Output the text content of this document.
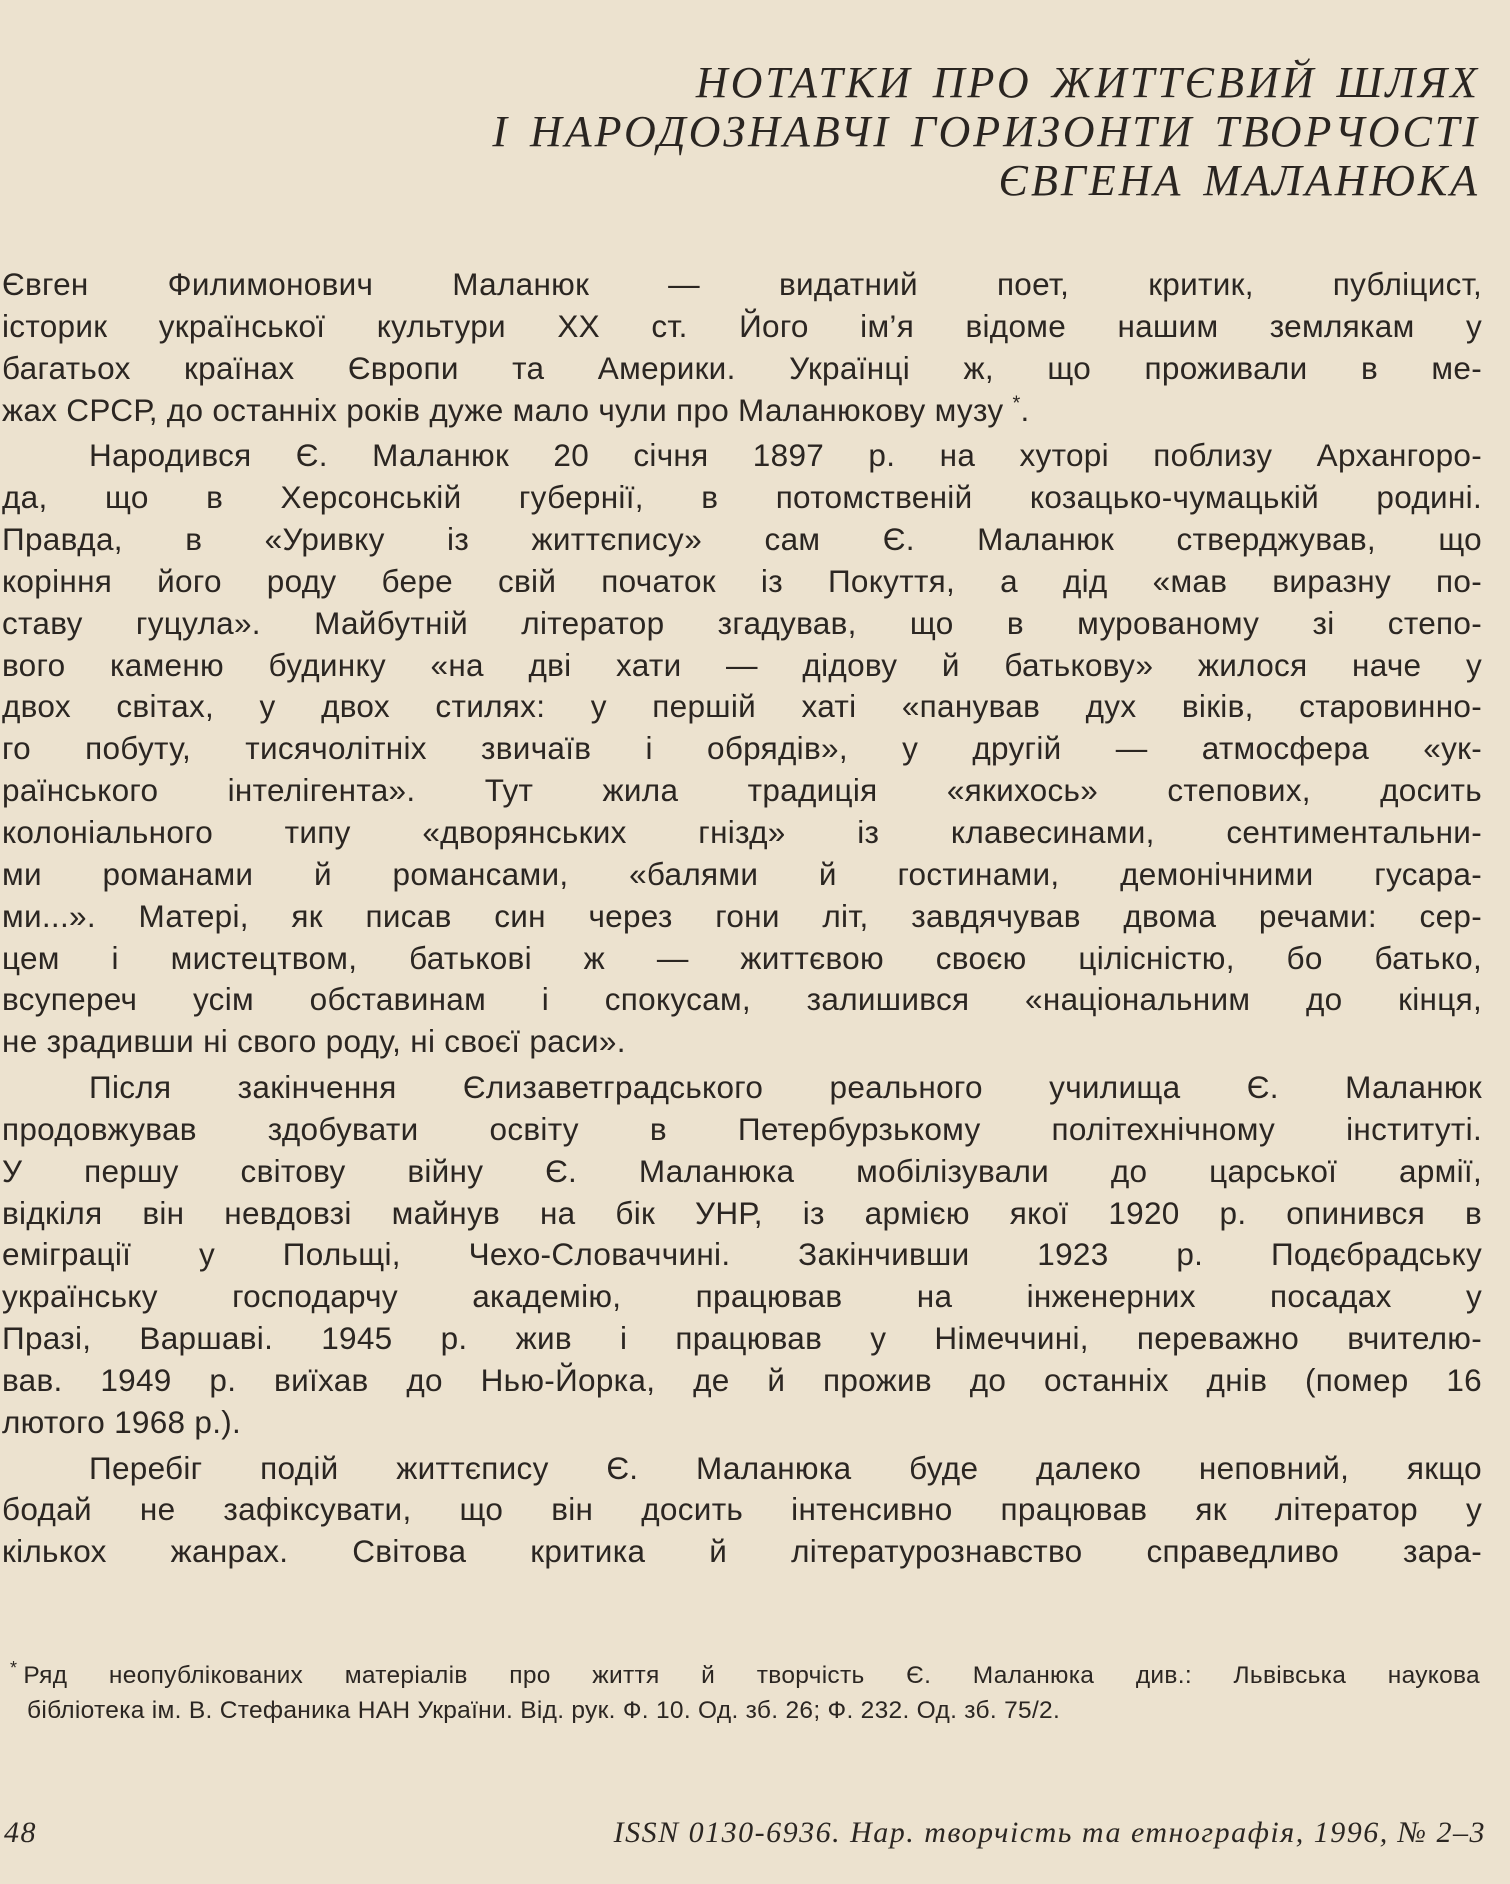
НОТАТКИ ПРО ЖИТТЄВИЙ ШЛЯХ
І НАРОДОЗНАВЧІ ГОРИЗОНТИ ТВОРЧОСТІ
ЄВГЕНА МАЛАНЮКА

Євген Филимонович Маланюк — видатний поет, критик, публіцист,
історик української культури XX ст. Його ім’я відоме нашим землякам у
багатьох країнах Європи та Америки. Українці ж, що проживали в ме-
жах СРСР, до останніх років дуже мало чули про Маланюкову музу *.

Народився Є. Маланюк 20 січня 1897 р. на хуторі поблизу Архангоро-
да, що в Херсонській губернії, в потомственій козацько-чумацькій родині.
Правда, в «Уривку із життєпису» сам Є. Маланюк стверджував, що
коріння його роду бере свій початок із Покуття, а дід «мав виразну по-
ставу гуцула». Майбутній літератор згадував, що в мурованому зі степо-
вого каменю будинку «на дві хати — дідову й батькову» жилося наче у
двох світах, у двох стилях: у першій хаті «панував дух віків, старовинно-
го побуту, тисячолітніх звичаїв і обрядів», у другій — атмосфера «ук-
раїнського інтелігента». Тут жила традиція «якихось» степових, досить
колоніального типу «дворянських гнізд» із клавесинами, сентиментальни-
ми романами й романсами, «балями й гостинами, демонічними гусара-
ми...». Матері, як писав син через гони літ, завдячував двома речами: сер-
цем і мистецтвом, батькові ж — життєвою своєю цілісністю, бо батько,
всупереч усім обставинам і спокусам, залишився «національним до кінця,
не зрадивши ні свого роду, ні своєї раси».

Після закінчення Єлизаветградського реального училища Є. Маланюк
продовжував здобувати освіту в Петербурзькому політехнічному інституті.
У першу світову війну Є. Маланюка мобілізували до царської армії,
відкіля він невдовзі майнув на бік УНР, із армією якої 1920 р. опинився в
еміграції у Польщі, Чехо-Словаччині. Закінчивши 1923 р. Подєбрадську
українську господарчу академію, працював на інженерних посадах у
Празі, Варшаві. 1945 р. жив і працював у Німеччині, переважно вчителю-
вав. 1949 р. виїхав до Нью-Йорка, де й прожив до останніх днів (помер 16
лютого 1968 р.).

Перебіг подій життєпису Є. Маланюка буде далеко неповний, якщо
бодай не зафіксувати, що він досить інтенсивно працював як літератор у
кількох жанрах. Світова критика й літературознавство справедливо зара-

* Ряд неопублікованих матеріалів про життя й творчість Є. Маланюка див.: Львівська наукова
бібліотека ім. В. Стефаника НАН України. Від. рук. Ф. 10. Од. зб. 26; Ф. 232. Од. зб. 75/2.
48	ISSN 0130-6936. Нар. творчість та етнографія, 1996, № 2–3
